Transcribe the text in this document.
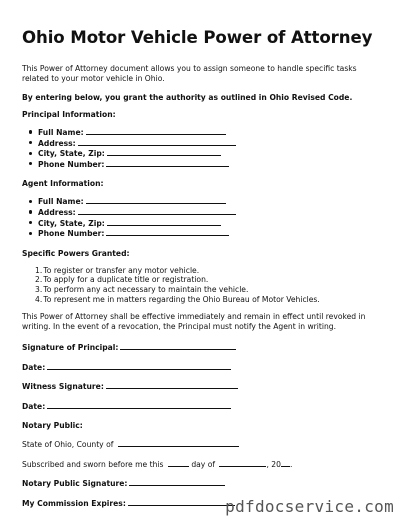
Ohio Motor Vehicle Power of Attorney

This Power of Attorney document allows you to assign someone to handle specific tasks related to your motor vehicle in Ohio.

By entering below, you grant the authority as outlined in Ohio Revised Code.

Principal Information:

Full Name:
Address:
City, State, Zip:
Phone Number:

Agent Information:

Full Name:
Address:
City, State, Zip:
Phone Number:

Specific Powers Granted:

1. To register or transfer any motor vehicle.
2. To apply for a duplicate title or registration.
3. To perform any act necessary to maintain the vehicle.
4. To represent me in matters regarding the Ohio Bureau of Motor Vehicles.

This Power of Attorney shall be effective immediately and remain in effect until revoked in writing. In the event of a revocation, the Principal must notify the Agent in writing.

Signature of Principal:

Date:

Witness Signature:

Date:

Notary Public:

State of Ohio, County of

Subscribed and sworn before me this	day of	, 20 .

Notary Public Signature:

My Commission Expires:	pdfdocservice.com
